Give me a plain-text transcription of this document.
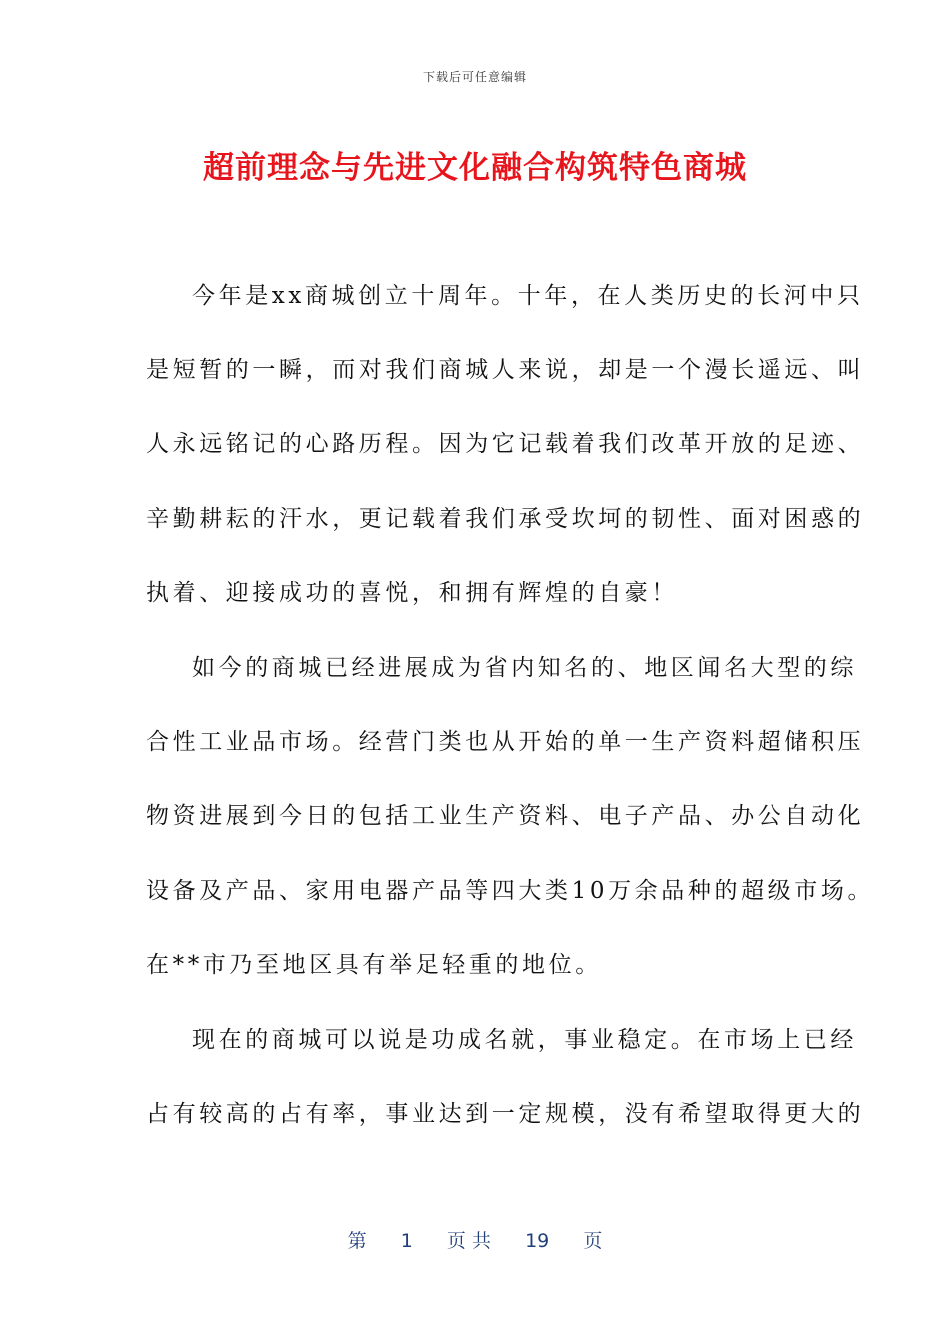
下载后可任意编辑
超前理念与先进文化融合构筑特色商城
今年是xx商城创立十周年。十年，在人类历史的长河中只
是短暂的一瞬，而对我们商城人来说，却是一个漫长遥远、叫
人永远铭记的心路历程。因为它记载着我们改革开放的足迹、
辛勤耕耘的汗水，更记载着我们承受坎坷的韧性、面对困惑的
执着、迎接成功的喜悦，和拥有辉煌的自豪！
如今的商城已经进展成为省内知名的、地区闻名大型的综
合性工业品市场。经营门类也从开始的单一生产资料超储积压
物资进展到今日的包括工业生产资料、电子产品、办公自动化
设备及产品、家用电器产品等四大类10万余品种的超级市场。
在**市乃至地区具有举足轻重的地位。
现在的商城可以说是功成名就，事业稳定。在市场上已经
占有较高的占有率，事业达到一定规模，没有希望取得更大的
第 1 页 共 19 页
